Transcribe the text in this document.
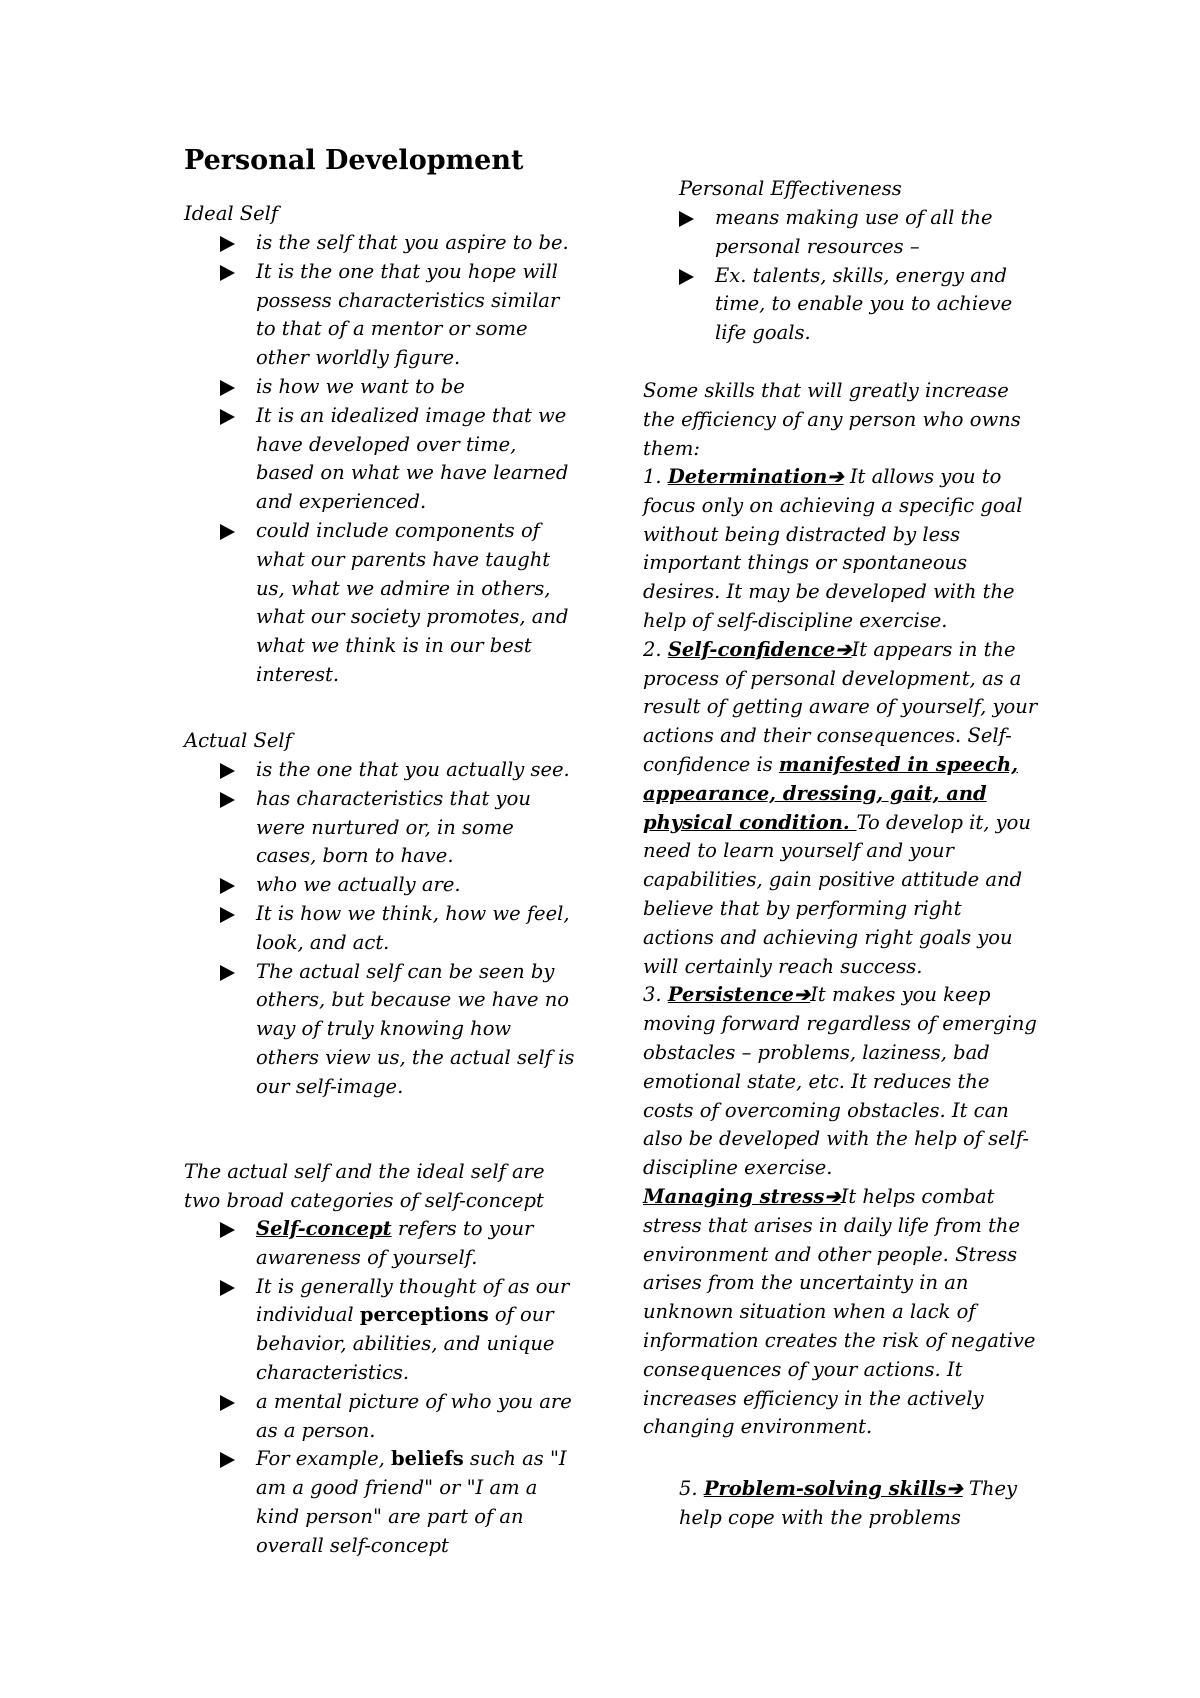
Personal Development
Ideal Self
is the self that you aspire to be.
It is the one that you hope will possess characteristics similar to that of a mentor or some other worldly figure.
is how we want to be
It is an idealized image that we have developed over time, based on what we have learned and experienced.
could include components of what our parents have taught us, what we admire in others, what our society promotes, and what we think is in our best interest.
Actual Self
is the one that you actually see.
has characteristics that you were nurtured or, in some cases, born to have.
who we actually are.
It is how we think, how we feel, look, and act.
The actual self can be seen by others, but because we have no way of truly knowing how others view us, the actual self is our self-image.

The actual self and the ideal self are two broad categories of self-concept

Self-concept refers to your awareness of yourself.
It is generally thought of as our individual perceptions of our behavior, abilities, and unique characteristics.
a mental picture of who you are as a person.
For example, beliefs such as "I am a good friend" or "I am a kind person" are part of an overall self-concept
Personal Effectiveness
means making use of all the personal resources –
Ex. talents, skills, energy and time, to enable you to achieve life goals.

Some skills that will greatly increase the efficiency of any person who owns them:

1. Determination➔ It allows you to focus only on achieving a specific goal without being distracted by less important things or spontaneous desires. It may be developed with the help of self-discipline exercise.
2. Self-confidence➔It appears in the process of personal development, as a result of getting aware of yourself, your actions and their consequences. Self- confidence is manifested in speech, appearance, dressing, gait, and physical condition. To develop it, you need to learn yourself and your capabilities, gain positive attitude and believe that by performing right actions and achieving right goals you will certainly reach success.
3. Persistence➔It makes you keep moving forward regardless of emerging obstacles – problems, laziness, bad emotional state, etc. It reduces the costs of overcoming obstacles. It can also be developed with the help of self- discipline exercise.
Managing stress➔It helps combat stress that arises in daily life from the environment and other people. Stress arises from the uncertainty in an unknown situation when a lack of information creates the risk of negative consequences of your actions. It increases efficiency in the actively changing environment.

5. Problem-solving skills➔ They help cope with the problems
